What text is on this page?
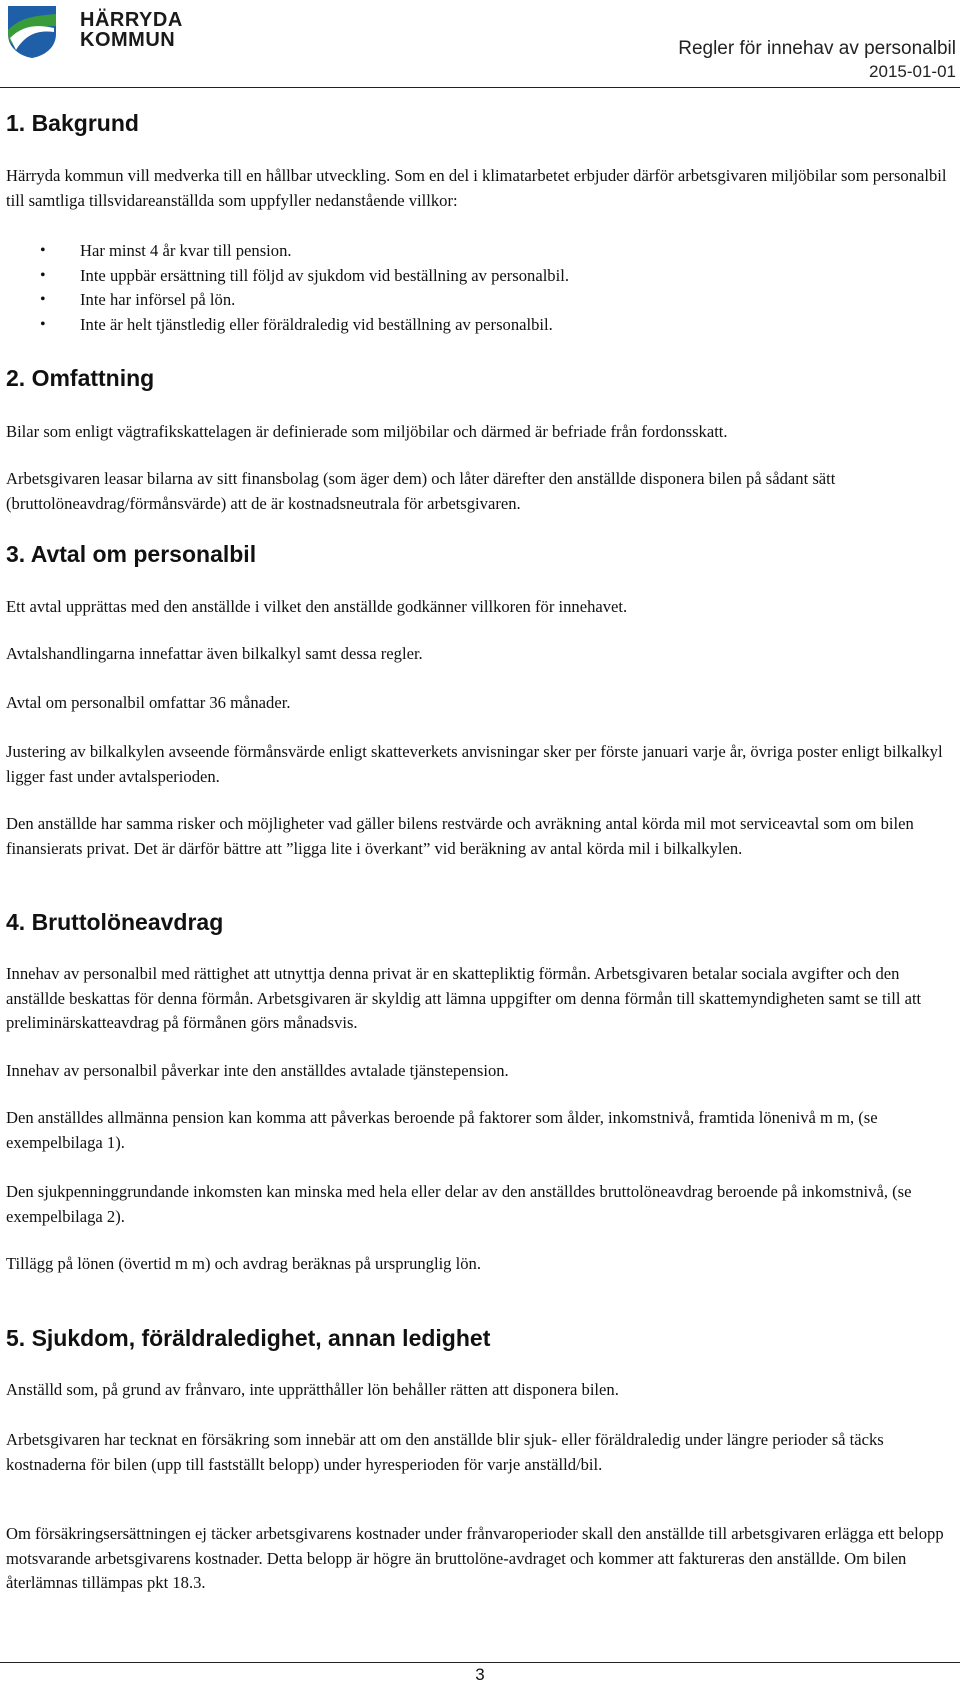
HÄRRYDA
KOMMUN	Regler för innehav av personalbil
2015-01-01
1. Bakgrund

Härryda kommun vill medverka till en hållbar utveckling. Som en del i klimatarbetet erbjuder därför arbetsgivaren miljöbilar som personalbil till samtliga tillsvidareanställda som uppfyller nedanstående villkor:

• Har minst 4 år kvar till pension.
• Inte uppbär ersättning till följd av sjukdom vid beställning av personalbil.
• Inte har införsel på lön.
• Inte är helt tjänstledig eller föräldraledig vid beställning av personalbil.
2. Omfattning

Bilar som enligt vägtrafikskattelagen är definierade som miljöbilar och därmed är befriade från fordonsskatt.

Arbetsgivaren leasar bilarna av sitt finansbolag (som äger dem) och låter därefter den anställde disponera bilen på sådant sätt (bruttolöneavdrag/förmånsvärde) att de är kostnadsneutrala för arbetsgivaren.

3. Avtal om personalbil

Ett avtal upprättas med den anställde i vilket den anställde godkänner villkoren för innehavet.

Avtalshandlingarna innefattar även bilkalkyl samt dessa regler.

Avtal om personalbil omfattar 36 månader.

Justering av bilkalkylen avseende förmånsvärde enligt skatteverkets anvisningar sker per förste januari varje år, övriga poster enligt bilkalkyl ligger fast under avtalsperioden.

Den anställde har samma risker och möjligheter vad gäller bilens restvärde och avräkning antal körda mil mot serviceavtal som om bilen finansierats privat. Det är därför bättre att ”ligga lite i överkant” vid beräkning av antal körda mil i bilkalkylen.

4. Bruttolöneavdrag

Innehav av personalbil med rättighet att utnyttja denna privat är en skattepliktig förmån. Arbetsgivaren betalar sociala avgifter och den anställde beskattas för denna förmån. Arbetsgivaren är skyldig att lämna uppgifter om denna förmån till skattemyndigheten samt se till att preliminärskatteavdrag på förmånen görs månadsvis.

Innehav av personalbil påverkar inte den anställdes avtalade tjänstepension.

Den anställdes allmänna pension kan komma att påverkas beroende på faktorer som ålder, inkomstnivå, framtida lönenivå m m, (se exempelbilaga 1).

Den sjukpenninggrundande inkomsten kan minska med hela eller delar av den anställdes bruttolöneavdrag beroende på inkomstnivå, (se exempelbilaga 2).

Tillägg på lönen (övertid m m) och avdrag beräknas på ursprunglig lön.

5. Sjukdom, föräldraledighet, annan ledighet

Anställd som, på grund av frånvaro, inte upprätthåller lön behåller rätten att disponera bilen.

Arbetsgivaren har tecknat en försäkring som innebär att om den anställde blir sjuk- eller föräldraledig under längre perioder så täcks kostnaderna för bilen (upp till fastställt belopp) under hyresperioden för varje anställd/bil.

Om försäkringsersättningen ej täcker arbetsgivarens kostnader under frånvaroperioder skall den anställde till arbetsgivaren erlägga ett belopp motsvarande arbetsgivarens kostnader. Detta belopp är högre än bruttolöne-avdraget och kommer att faktureras den anställde. Om bilen återlämnas tillämpas pkt 18.3.

3
